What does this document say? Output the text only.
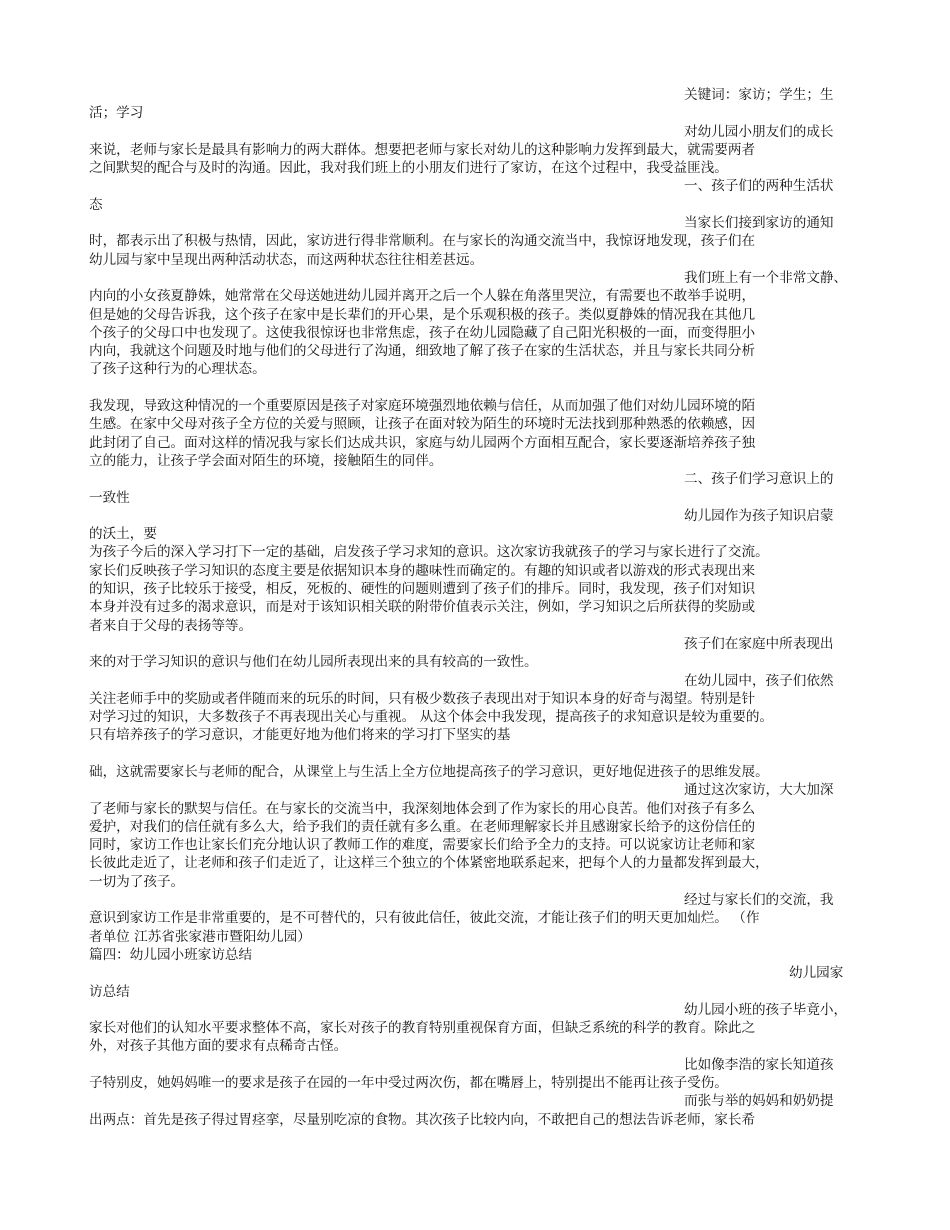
关键词：家访；学生；生
活；学习
对幼儿园小朋友们的成长
来说，老师与家长是最具有影响力的两大群体。想要把老师与家长对幼儿的这种影响力发挥到最大，就需要两者
之间默契的配合与及时的沟通。因此，我对我们班上的小朋友们进行了家访，在这个过程中，我受益匪浅。
一、孩子们的两种生活状
态
当家长们接到家访的通知
时，都表示出了积极与热情，因此，家访进行得非常顺利。在与家长的沟通交流当中，我惊讶地发现，孩子们在
幼儿园与家中呈现出两种活动状态，而这两种状态往往相差甚远。
我们班上有一个非常文静、
内向的小女孩夏静姝，她常常在父母送她进幼儿园并离开之后一个人躲在角落里哭泣，有需要也不敢举手说明，
但是她的父母告诉我，这个孩子在家中是长辈们的开心果，是个乐观积极的孩子。类似夏静姝的情况我在其他几
个孩子的父母口中也发现了。这使我很惊讶也非常焦虑，孩子在幼儿园隐藏了自己阳光积极的一面，而变得胆小
内向，我就这个问题及时地与他们的父母进行了沟通，细致地了解了孩子在家的生活状态，并且与家长共同分析
了孩子这种行为的心理状态。
我发现，导致这种情况的一个重要原因是孩子对家庭环境强烈地依赖与信任，从而加强了他们对幼儿园环境的陌
生感。在家中父母对孩子全方位的关爱与照顾，让孩子在面对较为陌生的环境时无法找到那种熟悉的依赖感，因
此封闭了自己。面对这样的情况我与家长们达成共识，家庭与幼儿园两个方面相互配合，家长要逐渐培养孩子独
立的能力，让孩子学会面对陌生的环境，接触陌生的同伴。
二、孩子们学习意识上的
一致性
幼儿园作为孩子知识启蒙
的沃土，要
为孩子今后的深入学习打下一定的基础，启发孩子学习求知的意识。这次家访我就孩子的学习与家长进行了交流。
家长们反映孩子学习知识的态度主要是依据知识本身的趣味性而确定的。有趣的知识或者以游戏的形式表现出来
的知识，孩子比较乐于接受，相反，死板的、硬性的问题则遭到了孩子们的排斥。同时，我发现，孩子们对知识
本身并没有过多的渴求意识，而是对于该知识相关联的附带价值表示关注，例如，学习知识之后所获得的奖励或
者来自于父母的表扬等等。
孩子们在家庭中所表现出
来的对于学习知识的意识与他们在幼儿园所表现出来的具有较高的一致性。
在幼儿园中，孩子们依然
关注老师手中的奖励或者伴随而来的玩乐的时间，只有极少数孩子表现出对于知识本身的好奇与渴望。特别是针
对学习过的知识，大多数孩子不再表现出关心与重视。 从这个体会中我发现，提高孩子的求知意识是较为重要的。
只有培养孩子的学习意识，才能更好地为他们将来的学习打下坚实的基
础，这就需要家长与老师的配合，从课堂上与生活上全方位地提高孩子的学习意识，更好地促进孩子的思维发展。
通过这次家访，大大加深
了老师与家长的默契与信任。在与家长的交流当中，我深刻地体会到了作为家长的用心良苦。他们对孩子有多么
爱护，对我们的信任就有多么大，给予我们的责任就有多么重。在老师理解家长并且感谢家长给予的这份信任的
同时，家访工作也让家长们充分地认识了教师工作的难度，需要家长们给予全力的支持。可以说家访让老师和家
长彼此走近了，让老师和孩子们走近了，让这样三个独立的个体紧密地联系起来，把每个人的力量都发挥到最大，
一切为了孩子。
经过与家长们的交流，我
意识到家访工作是非常重要的，是不可替代的，只有彼此信任，彼此交流，才能让孩子们的明天更加灿烂。 （作
者单位 江苏省张家港市暨阳幼儿园）
篇四：幼儿园小班家访总结
幼儿园家
访总结
幼儿园小班的孩子毕竟小，
家长对他们的认知水平要求整体不高，家长对孩子的教育特别重视保育方面，但缺乏系统的科学的教育。除此之
外，对孩子其他方面的要求有点稀奇古怪。
比如像李浩的家长知道孩
子特别皮，她妈妈唯一的要求是孩子在园的一年中受过两次伤，都在嘴唇上，特别提出不能再让孩子受伤。
而张与举的妈妈和奶奶提
出两点：首先是孩子得过胃痉挛，尽量别吃凉的食物。其次孩子比较内向，不敢把自己的想法告诉老师，家长希
